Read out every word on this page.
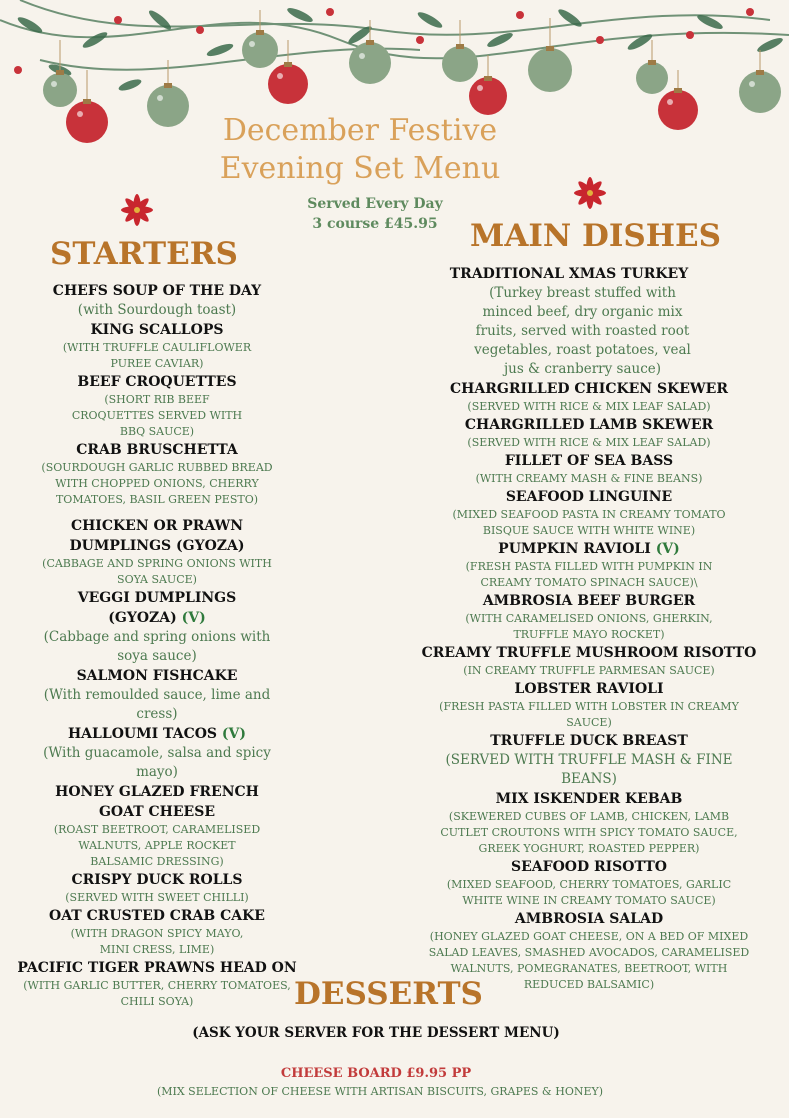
December Festive
Evening Set Menu
Served Every Day
3 course £45.95
STARTERS	MAIN DISHES
DESSERTS
CHEFS SOUP OF THE DAY
(with Sourdough toast)
KING SCALLOPS
(WITH TRUFFLE CAULIFLOWER PUREE CAVIAR)
BEEF CROQUETTES
(SHORT RIB BEEF CROQUETTES SERVED WITH BBQ SAUCE)
CRAB BRUSCHETTA
(SOURDOUGH GARLIC RUBBED BREAD WITH CHOPPED ONIONS, CHERRY TOMATOES, BASIL GREEN PESTO)
CHICKEN OR PRAWN DUMPLINGS (GYOZA)
(CABBAGE AND SPRING ONIONS WITH SOYA SAUCE)
VEGGI DUMPLINGS (GYOZA) (V)
(Cabbage and spring onions with soya sauce)
SALMON FISHCAKE
(With remoulded sauce, lime and cress)
HALLOUMI TACOS (V)
(With guacamole, salsa and spicy mayo)
HONEY GLAZED FRENCH GOAT CHEESE
(ROAST BEETROOT, CARAMELISED WALNUTS, APPLE ROCKET BALSAMIC DRESSING)
CRISPY DUCK ROLLS
(SERVED WITH SWEET CHILLI)
OAT CRUSTED CRAB CAKE
(WITH DRAGON SPICY MAYO, MINI CRESS, LIME)
PACIFIC TIGER PRAWNS HEAD ON
(WITH GARLIC BUTTER, CHERRY TOMATOES, CHILI SOYA)
TRADITIONAL XMAS TURKEY
(Turkey breast stuffed with minced beef, dry organic mix fruits, served with roasted root vegetables, roast potatoes, veal jus & cranberry sauce)
CHARGRILLED CHICKEN SKEWER
(SERVED WITH RICE & MIX LEAF SALAD)
CHARGRILLED LAMB SKEWER
(SERVED WITH RICE & MIX LEAF SALAD)
FILLET OF SEA BASS
(WITH CREAMY MASH & FINE BEANS)
SEAFOOD LINGUINE
(MIXED SEAFOOD PASTA IN CREAMY TOMATO BISQUE SAUCE WITH WHITE WINE)
PUMPKIN RAVIOLI (V)
(FRESH PASTA FILLED WITH PUMPKIN IN CREAMY TOMATO SPINACH SAUCE)\
AMBROSIA BEEF BURGER
(WITH CARAMELISED ONIONS, GHERKIN, TRUFFLE MAYO ROCKET)
CREAMY TRUFFLE MUSHROOM RISOTTO
(IN CREAMY TRUFFLE PARMESAN SAUCE)
LOBSTER RAVIOLI
(FRESH PASTA FILLED WITH LOBSTER IN CREAMY SAUCE)
TRUFFLE DUCK BREAST
(SERVED WITH TRUFFLE MASH & FINE BEANS)
MIX ISKENDER KEBAB
(SKEWERED CUBES OF LAMB, CHICKEN, LAMB CUTLET CROUTONS WITH SPICY TOMATO SAUCE, GREEK YOGHURT, ROASTED PEPPER)
SEAFOOD RISOTTO
(MIXED SEAFOOD, CHERRY TOMATOES, GARLIC WHITE WINE IN CREAMY TOMATO SAUCE)
AMBROSIA SALAD
(HONEY GLAZED GOAT CHEESE, ON A BED OF MIXED SALAD LEAVES, SMASHED AVOCADOS, CARAMELISED WALNUTS, POMEGRANATES, BEETROOT, WITH REDUCED BALSAMIC)
(ASK YOUR SERVER FOR THE DESSERT MENU)
CHEESE BOARD £9.95 PP
(MIX SELECTION OF CHEESE WITH ARTISAN BISCUITS, GRAPES & HONEY)
